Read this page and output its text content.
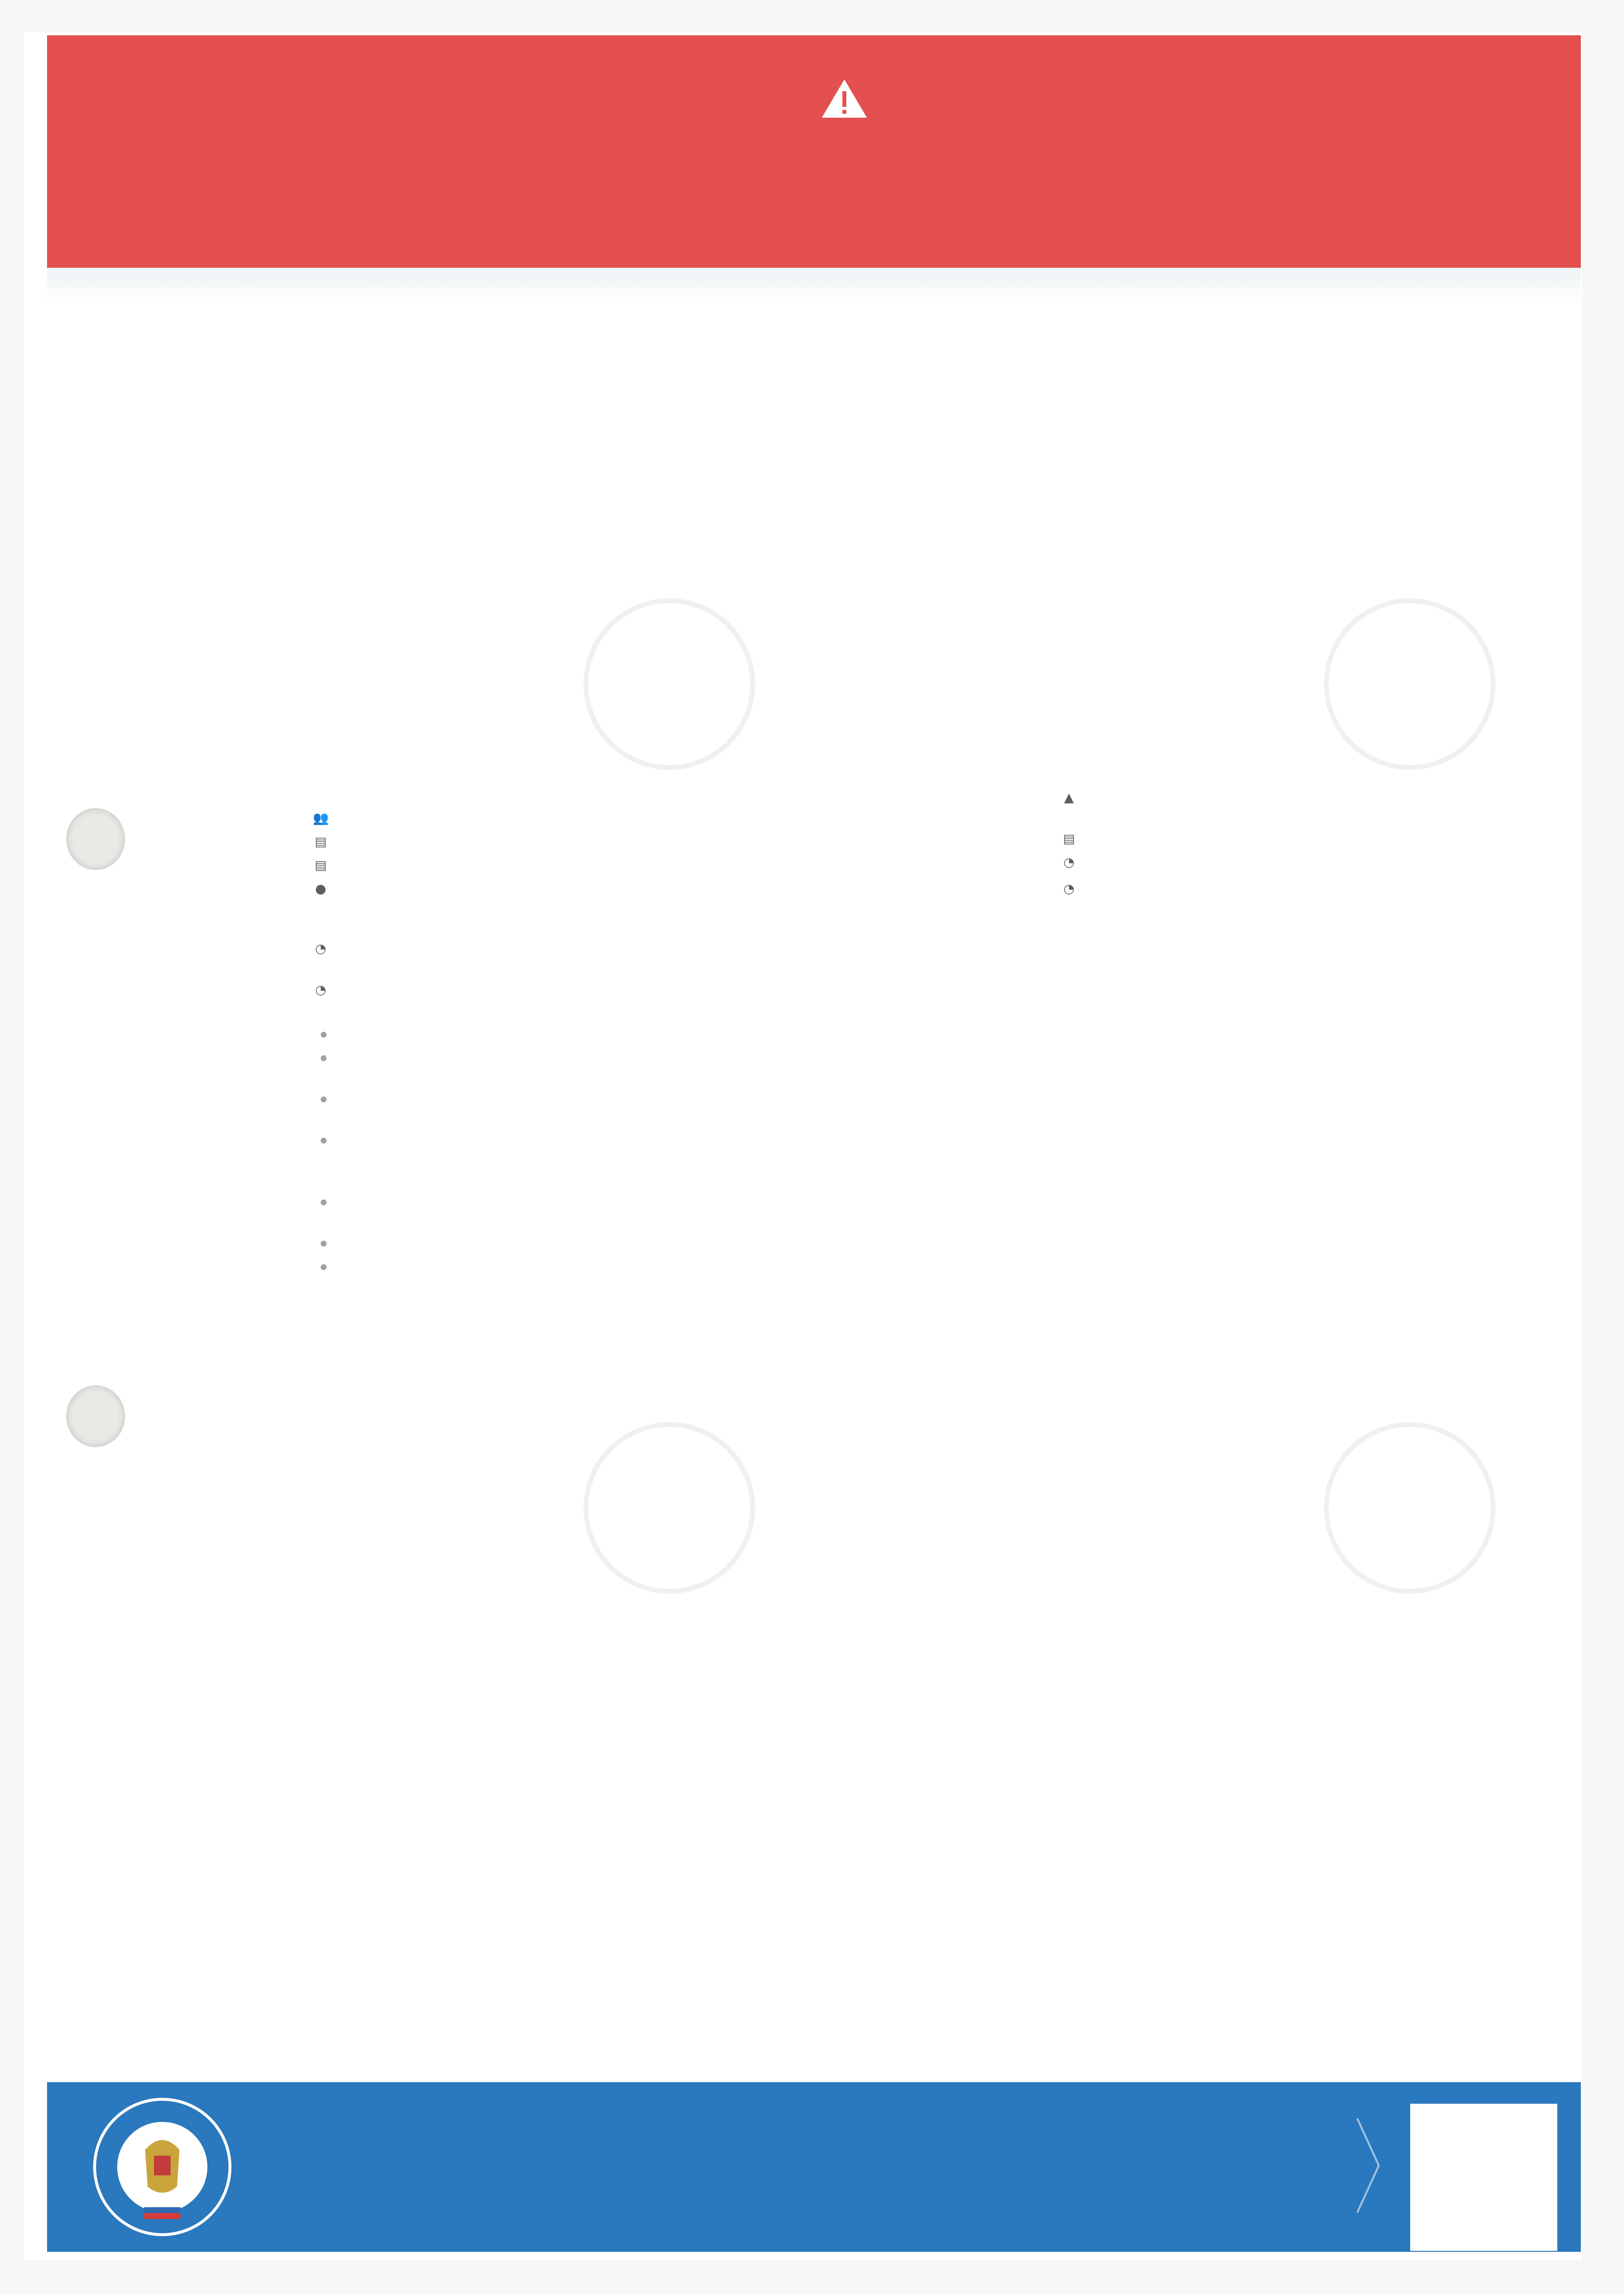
👥
▤
▤
●
◔
◔
▲
▤
◔
◔
